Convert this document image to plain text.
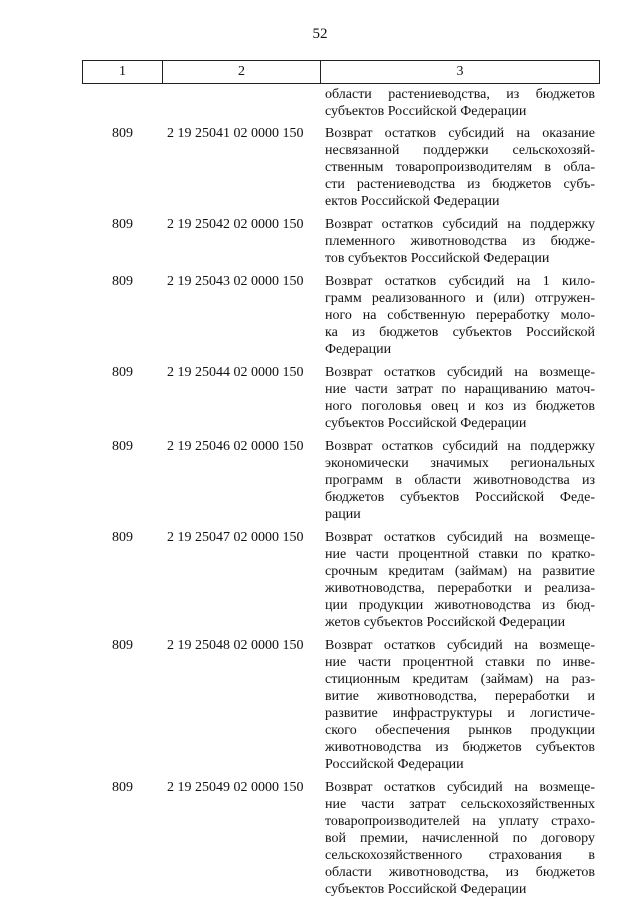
52
1	2	3
области растениеводства, из бюджетов
субъектов Российской Федерации
809	2 19 25041 02 0000 150	Возврат остатков субсидий на оказание
несвязанной поддержки сельскохозяй-
ственным товаропроизводителям в обла-
сти растениеводства из бюджетов субъ-
ектов Российской Федерации
809	2 19 25042 02 0000 150	Возврат остатков субсидий на поддержку
племенного животноводства из бюдже-
тов субъектов Российской Федерации
809	2 19 25043 02 0000 150	Возврат остатков субсидий на 1 кило-
грамм реализованного и (или) отгружен-
ного на собственную переработку моло-
ка из бюджетов субъектов Российской
Федерации
809	2 19 25044 02 0000 150	Возврат остатков субсидий на возмеще-
ние части затрат по наращиванию маточ-
ного поголовья овец и коз из бюджетов
субъектов Российской Федерации
809	2 19 25046 02 0000 150	Возврат остатков субсидий на поддержку
экономически значимых региональных
программ в области животноводства из
бюджетов субъектов Российской Феде-
рации
809	2 19 25047 02 0000 150	Возврат остатков субсидий на возмеще-
ние части процентной ставки по кратко-
срочным кредитам (займам) на развитие
животноводства, переработки и реализа-
ции продукции животноводства из бюд-
жетов субъектов Российской Федерации
809	2 19 25048 02 0000 150	Возврат остатков субсидий на возмеще-
ние части процентной ставки по инве-
стиционным кредитам (займам) на раз-
витие животноводства, переработки и
развитие инфраструктуры и логистиче-
ского обеспечения рынков продукции
животноводства из бюджетов субъектов
Российской Федерации
809	2 19 25049 02 0000 150	Возврат остатков субсидий на возмеще-
ние части затрат сельскохозяйственных
товаропроизводителей на уплату страхо-
вой премии, начисленной по договору
сельскохозяйственного страхования в
области животноводства, из бюджетов
субъектов Российской Федерации
